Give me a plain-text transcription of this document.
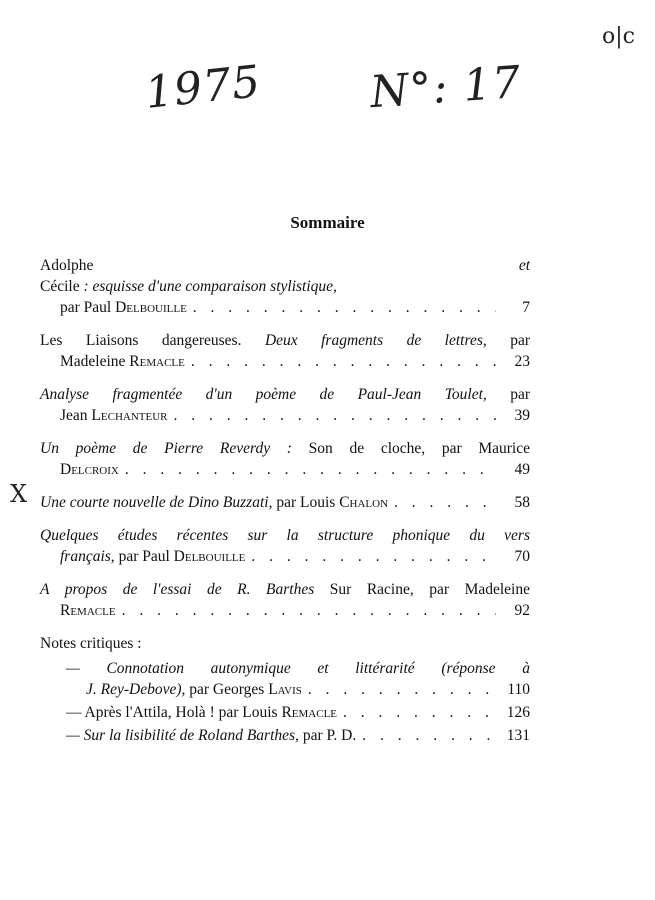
1975 N°: 17
o|c
X
Sommaire
Adolphe et
Cécile : esquisse d'une comparaison stylistique,
par Paul Delbouille . . .	7
Les Liaisons dangereuses. Deux fragments de lettres, par
Madeleine Remacle . . .	23
Analyse fragmentée d'un poème de Paul-Jean Toulet, par
Jean Lechanteur . . .	39
Un poème de Pierre Reverdy : Son de cloche, par Maurice
Delcroix . . .	49
Une courte nouvelle de Dino Buzzati, par Louis Chalon . . .	58
Quelques études récentes sur la structure phonique du vers
français, par Paul Delbouille . . .	70
A propos de l'essai de R. Barthes Sur Racine, par Madeleine
Remacle . . .	92
Notes critiques :
— Connotation autonymique et littérarité (réponse à
J. Rey-Debove), par Georges Lavis . . .	110
— Après l'Attila, Holà ! par Louis Remacle . . .	126
— Sur la lisibilité de Roland Barthes, par P. D. . . .	131
